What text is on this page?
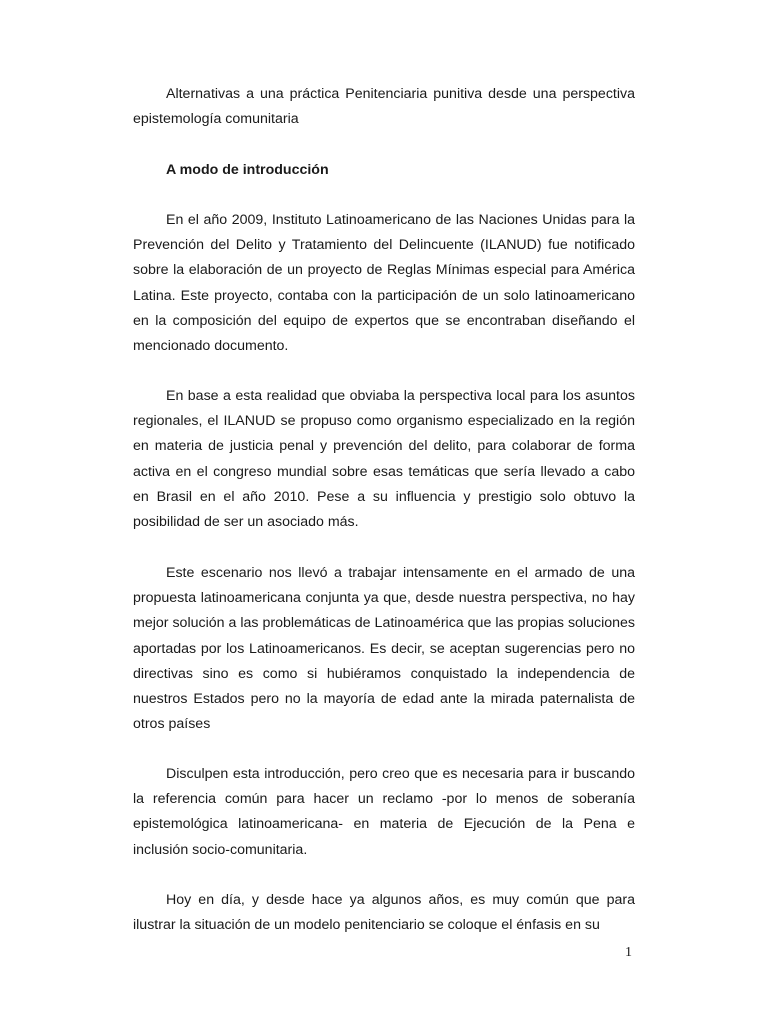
Alternativas a una práctica Penitenciaria punitiva desde una perspectiva epistemología comunitaria

A modo de introducción

En el año 2009, Instituto Latinoamericano de las Naciones Unidas para la Prevención del Delito y Tratamiento del Delincuente (ILANUD) fue notificado sobre la elaboración de un proyecto de Reglas Mínimas especial para América Latina. Este proyecto, contaba con la participación de un solo latinoamericano en la composición del equipo de expertos que se encontraban diseñando el mencionado documento.

En base a esta realidad que obviaba la perspectiva local para los asuntos regionales, el ILANUD se propuso como organismo especializado en la región en materia de justicia penal y prevención del delito, para colaborar de forma activa en el congreso mundial sobre esas temáticas que sería llevado a cabo en Brasil en el año 2010. Pese a su influencia y prestigio solo obtuvo la posibilidad de ser un asociado más.

Este escenario nos llevó a trabajar intensamente en el armado de una propuesta latinoamericana conjunta ya que, desde nuestra perspectiva, no hay mejor solución a las problemáticas de Latinoamérica que las propias soluciones aportadas por los Latinoamericanos. Es decir, se aceptan sugerencias pero no directivas sino es como si hubiéramos conquistado la independencia de nuestros Estados pero no la mayoría de edad ante la mirada paternalista de otros países

Disculpen esta introducción, pero creo que es necesaria para ir buscando la referencia común para hacer un reclamo -por lo menos de soberanía epistemológica latinoamericana- en materia de Ejecución de la Pena e inclusión socio-comunitaria.

Hoy en día, y desde hace ya algunos años, es muy común que para ilustrar la situación de un modelo penitenciario se coloque el énfasis en su

1
